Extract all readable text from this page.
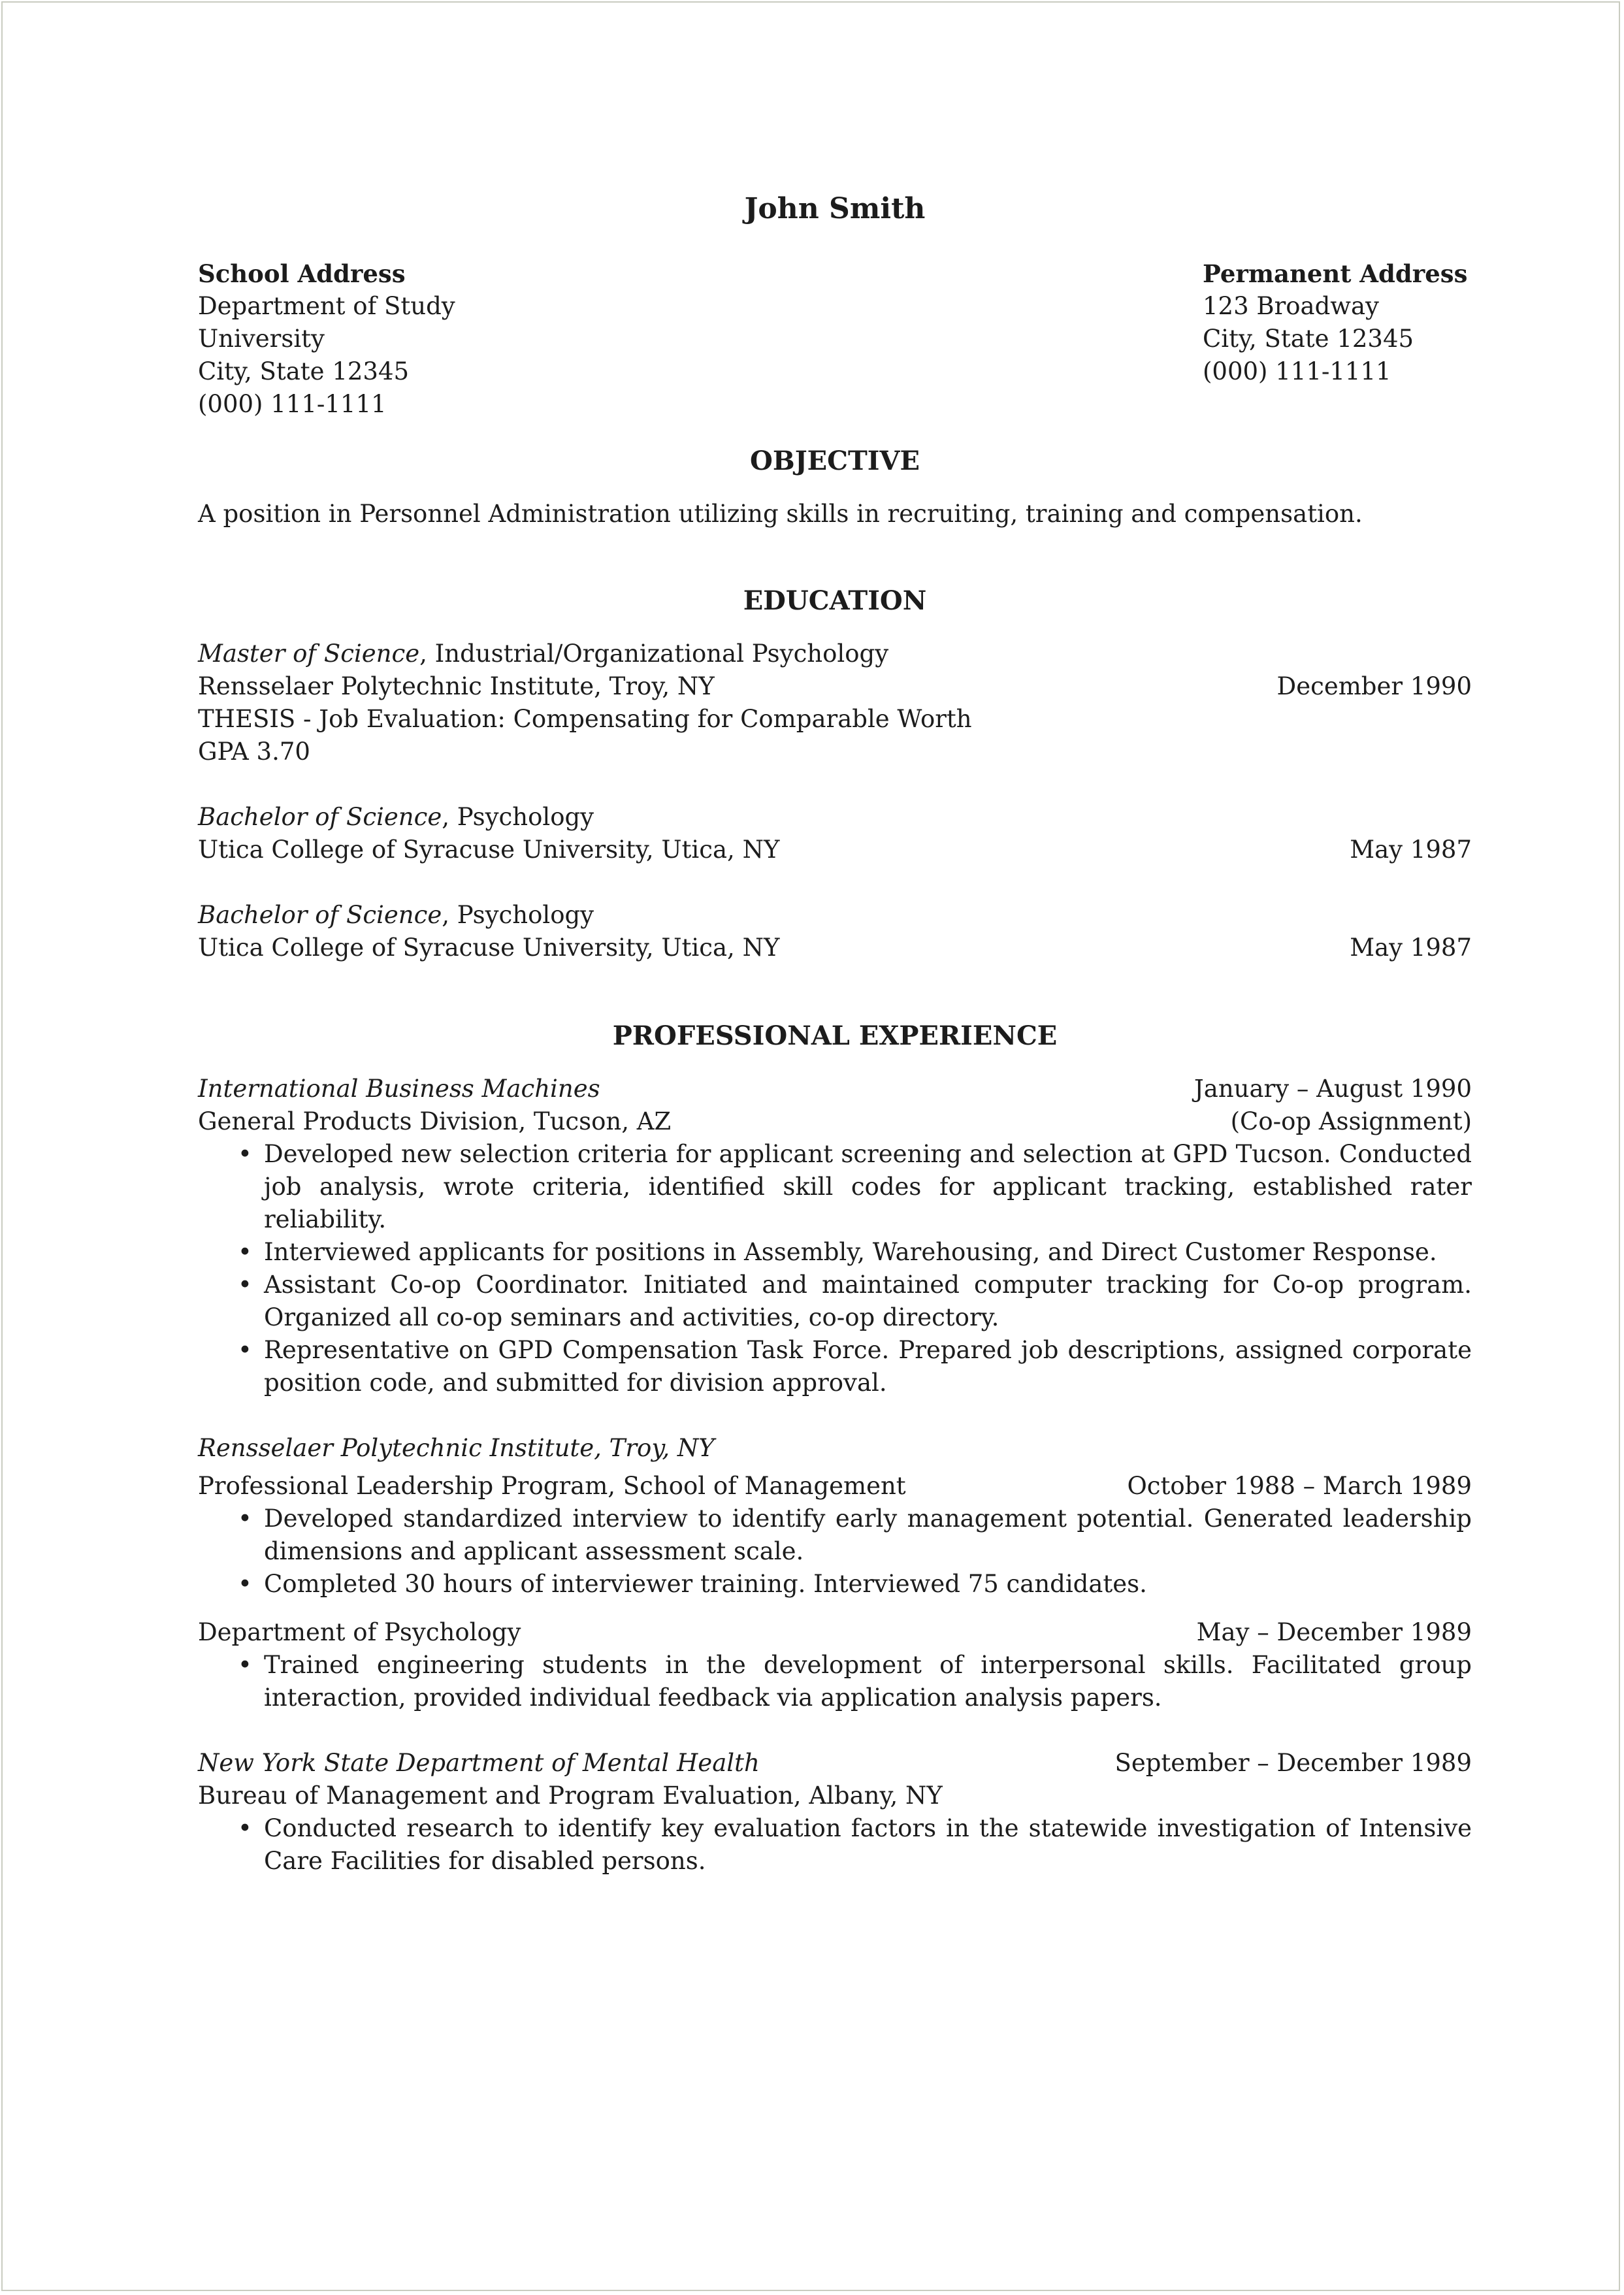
John Smith
School Address
Department of Study
University
City, State 12345
(000) 111-1111
Permanent Address
123 Broadway
City, State 12345
(000) 111-1111
OBJECTIVE
A position in Personnel Administration utilizing skills in recruiting, training and compensation.
EDUCATION
Master of Science, Industrial/Organizational Psychology
Rensselaer Polytechnic Institute, Troy, NY	December 1990
THESIS - Job Evaluation: Compensating for Comparable Worth
GPA 3.70
Bachelor of Science, Psychology
Utica College of Syracuse University, Utica, NY	May 1987
Bachelor of Science, Psychology
Utica College of Syracuse University, Utica, NY	May 1987
PROFESSIONAL EXPERIENCE
International Business Machines	January – August 1990
General Products Division, Tucson, AZ	(Co-op Assignment)
• Developed new selection criteria for applicant screening and selection at GPD Tucson. Conducted job analysis, wrote criteria, identified skill codes for applicant tracking, established rater reliability.
• Interviewed applicants for positions in Assembly, Warehousing, and Direct Customer Response.
• Assistant Co-op Coordinator. Initiated and maintained computer tracking for Co-op program. Organized all co-op seminars and activities, co-op directory.
• Representative on GPD Compensation Task Force. Prepared job descriptions, assigned corporate position code, and submitted for division approval.
Rensselaer Polytechnic Institute, Troy, NY
Professional Leadership Program, School of Management	October 1988 – March 1989
• Developed standardized interview to identify early management potential. Generated leadership dimensions and applicant assessment scale.
• Completed 30 hours of interviewer training. Interviewed 75 candidates.
Department of Psychology	May – December 1989
• Trained engineering students in the development of interpersonal skills. Facilitated group interaction, provided individual feedback via application analysis papers.
New York State Department of Mental Health	September – December 1989
Bureau of Management and Program Evaluation, Albany, NY
• Conducted research to identify key evaluation factors in the statewide investigation of Intensive Care Facilities for disabled persons.
